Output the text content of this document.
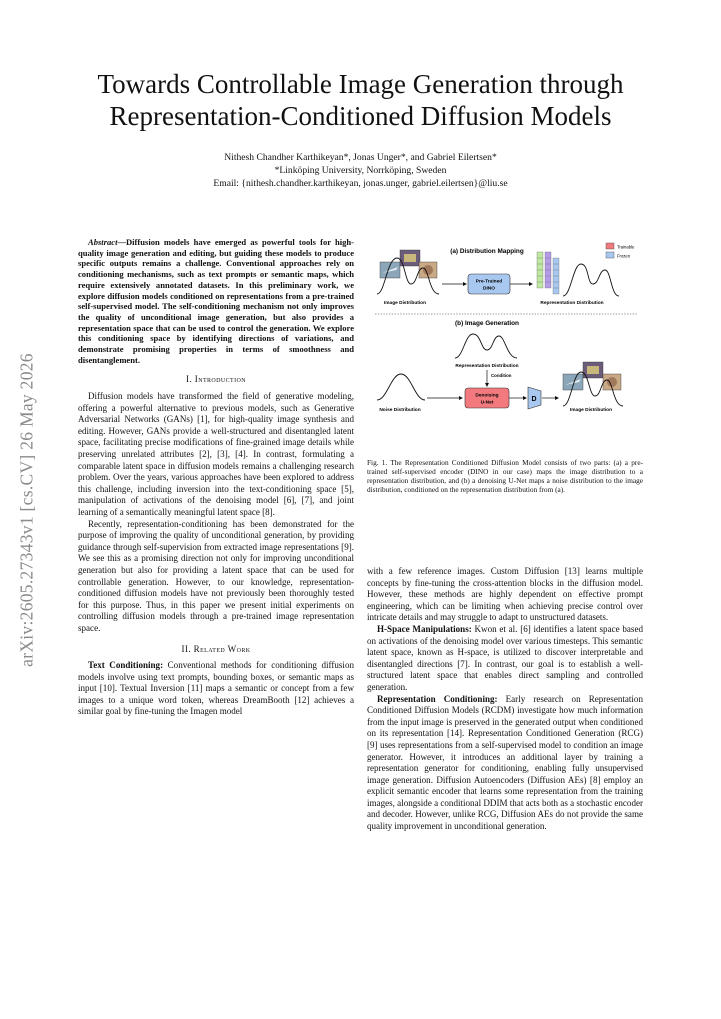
arXiv:2605.27343v1 [cs.CV] 26 May 2026
Towards Controllable Image Generation through
Representation-Conditioned Diffusion Models
Nithesh Chandher Karthikeyan*, Jonas Unger*, and Gabriel Eilertsen*
*Linköping University, Norrköping, Sweden
Email: {nithesh.chandher.karthikeyan, jonas.unger, gabriel.eilertsen}@liu.se

Abstract—Diffusion models have emerged as powerful tools for high-quality image generation and editing, but guiding these models to produce specific outputs remains a challenge. Conventional approaches rely on conditioning mechanisms, such as text prompts or semantic maps, which require extensively annotated datasets. In this preliminary work, we explore diffusion models conditioned on representations from a pre-trained self-supervised model. The self-conditioning mechanism not only improves the quality of unconditional image generation, but also provides a representation space that can be used to control the generation. We explore this conditioning space by identifying directions of variations, and demonstrate promising properties in terms of smoothness and disentanglement.

I. Introduction

Diffusion models have transformed the field of generative modeling, offering a powerful alternative to previous models, such as Generative Adversarial Networks (GANs) [1], for high-quality image synthesis and editing. However, GANs provide a well-structured and disentangled latent space, facilitating precise modifications of fine-grained image details while preserving unrelated attributes [2], [3], [4]. In contrast, formulating a comparable latent space in diffusion models remains a challenging research problem. Over the years, various approaches have been explored to address this challenge, including inversion into the text-conditioning space [5], manipulation of activations of the denoising model [6], [7], and joint learning of a semantically meaningful latent space [8].

Recently, representation-conditioning has been demonstrated for the purpose of improving the quality of unconditional generation, by providing guidance through self-supervision from extracted image representations [9]. We see this as a promising direction not only for improving unconditional generation but also for providing a latent space that can be used for controllable generation. However, to our knowledge, representation-conditioned diffusion models have not previously been thoroughly tested for this purpose. Thus, in this paper we present initial experiments on controlling diffusion models through a pre-trained image representation space.

II. Related Work

Text Conditioning: Conventional methods for conditioning diffusion models involve using text prompts, bounding boxes, or semantic maps as input [10]. Textual Inversion [11] maps a semantic or concept from a few images to a unique word token, whereas DreamBooth [12] achieves a similar goal by fine-tuning the Imagen model

(a) Distribution Mapping
Trainable
Frozen
Image Distribution
Pre-Trained
DINO
Representation Distribution
(b) Image Generation
Representation Distribution
Condition
Noise Distribution
Denoising
U-Net	D
Image Distribution
Fig. 1. The Representation Conditioned Diffusion Model consists of two parts: (a) a pre-trained self-supervised encoder (DINO in our case) maps the image distribution to a representation distribution, and (b) a denoising U-Net maps a noise distribution to the image distribution, conditioned on the representation distribution from (a).

with a few reference images. Custom Diffusion [13] learns multiple concepts by fine-tuning the cross-attention blocks in the diffusion model. However, these methods are highly dependent on effective prompt engineering, which can be limiting when achieving precise control over intricate details and may struggle to adapt to unstructured datasets.

H-Space Manipulations: Kwon et al. [6] identifies a latent space based on activations of the denoising model over various timesteps. This semantic latent space, known as H-space, is utilized to discover interpretable and disentangled directions [7]. In contrast, our goal is to establish a well-structured latent space that enables direct sampling and controlled generation.

Representation Conditioning: Early research on Representation Conditioned Diffusion Models (RCDM) investigate how much information from the input image is preserved in the generated output when conditioned on its representation [14]. Representation Conditioned Generation (RCG) [9] uses representations from a self-supervised model to condition an image generator. However, it introduces an additional layer by training a representation generator for conditioning, enabling fully unsupervised image generation. Diffusion Autoencoders (Diffusion AEs) [8] employ an explicit semantic encoder that learns some representation from the training images, alongside a conditional DDIM that acts both as a stochastic encoder and decoder. However, unlike RCG, Diffusion AEs do not provide the same quality improvement in unconditional generation.
